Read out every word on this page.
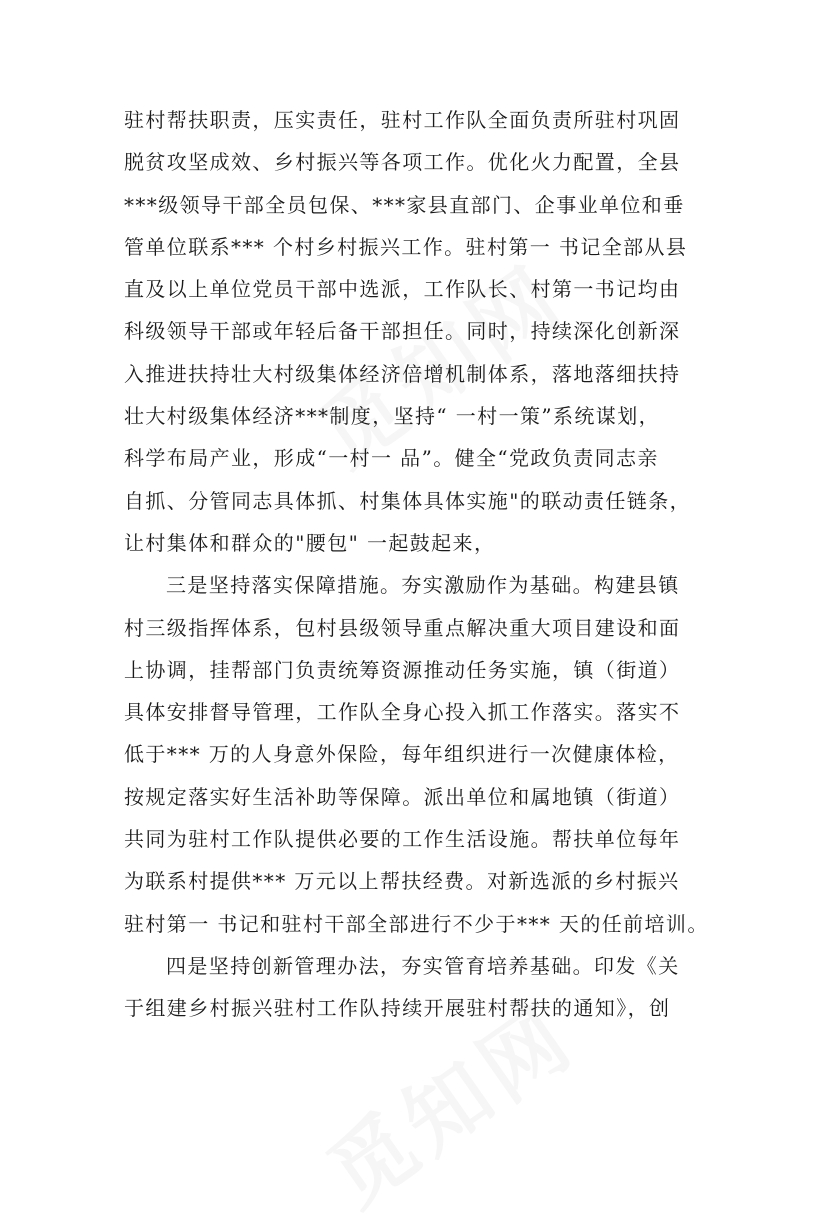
驻村帮扶职责，压实责任，驻村工作队全面负责所驻村巩固
脱贫攻坚成效、乡村振兴等各项工作。优化火力配置，全县
***级领导干部全员包保、***家县直部门、企事业单位和垂
管单位联系*** 个村乡村振兴工作。驻村第一 书记全部从县
直及以上单位党员干部中选派，工作队长、村第一书记均由
科级领导干部或年轻后备干部担任。同时，持续深化创新深
入推进扶持壮大村级集体经济倍增机制体系，落地落细扶持
壮大村级集体经济***制度，坚持“ 一村一策”系统谋划，
科学布局产业，形成“一村一 品”。健全“党政负责同志亲
自抓、分管同志具体抓、村集体具体实施"的联动责任链条，
让村集体和群众的"腰包" 一起鼓起来，
三是坚持落实保障措施。夯实激励作为基础。构建县镇
村三级指挥体系，包村县级领导重点解决重大项目建设和面
上协调，挂帮部门负责统筹资源推动任务实施，镇（街道）
具体安排督导管理，工作队全身心投入抓工作落实。落实不
低于*** 万的人身意外保险，每年组织进行一次健康体检，
按规定落实好生活补助等保障。派出单位和属地镇（街道）
共同为驻村工作队提供必要的工作生活设施。帮扶单位每年
为联系村提供*** 万元以上帮扶经费。对新选派的乡村振兴
驻村第一 书记和驻村干部全部进行不少于*** 天的任前培训。
四是坚持创新管理办法，夯实管育培养基础。印发《关
于组建乡村振兴驻村工作队持续开展驻村帮扶的通知》，创
